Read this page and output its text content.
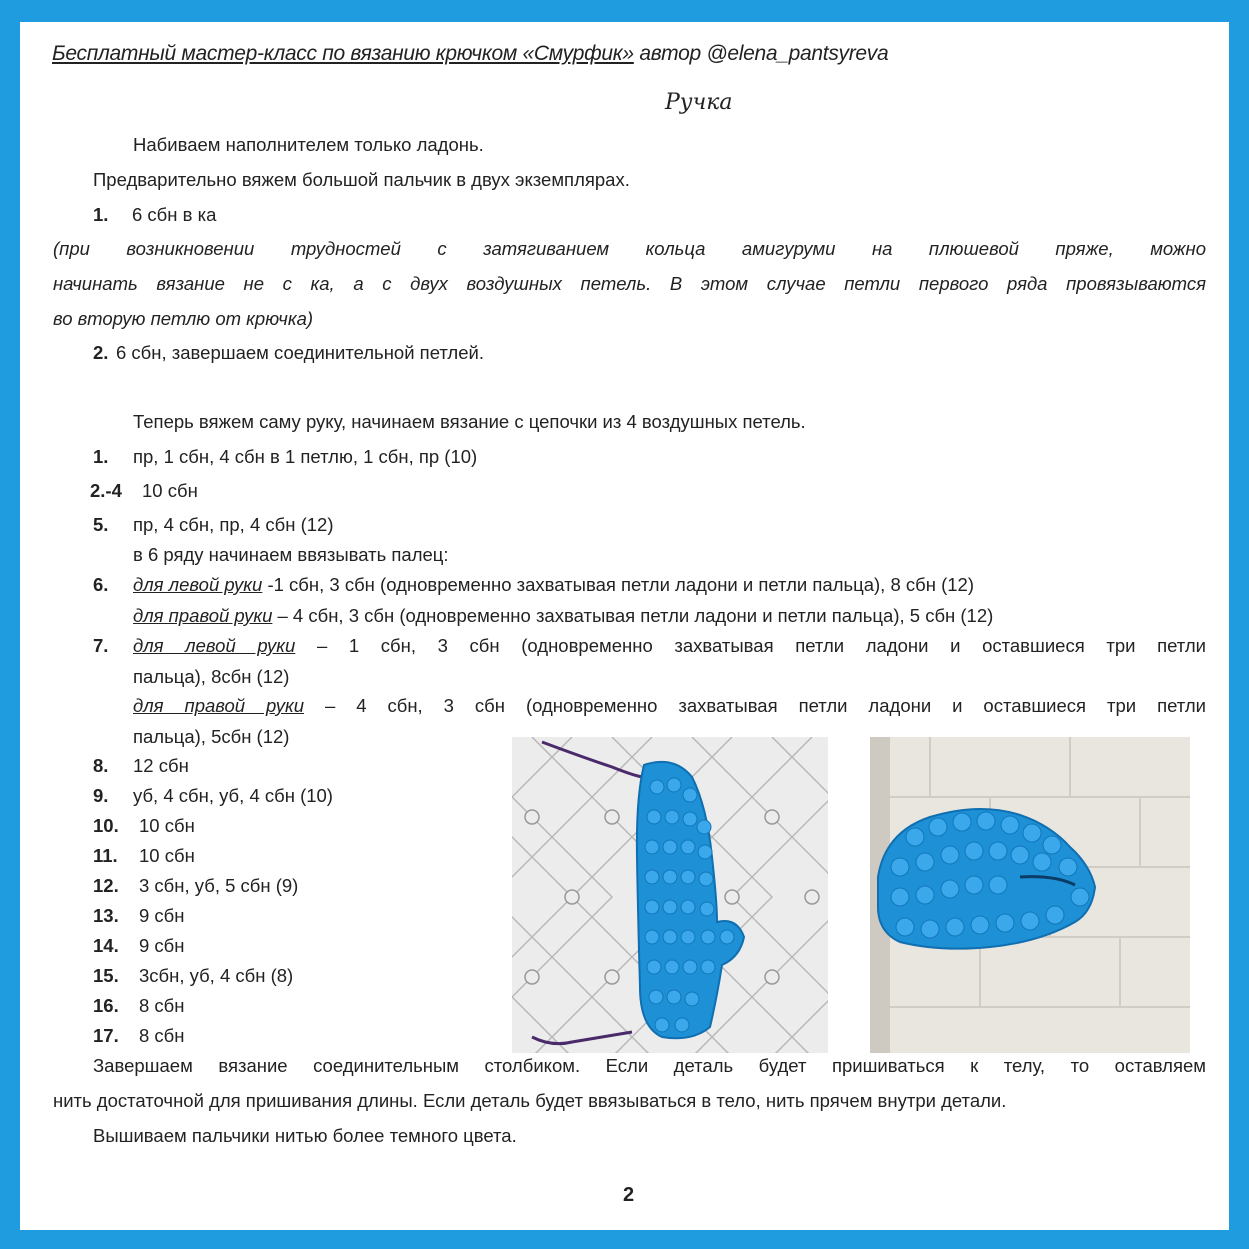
Бесплатный мастер-класс по вязанию крючком «Смурфик» автор @elena_pantsyreva
Ручка
Набиваем наполнителем только ладонь.
Предварительно вяжем большой пальчик в двух экземплярах.
1. 6 сбн в ка
(при возникновении трудностей с затягиванием кольца амигуруми на плюшевой пряже, можно
начинать вязание не с ка, а с двух воздушных петель. В этом случае петли первого ряда провязываются
во вторую петлю от крючка)
2. 6 сбн, завершаем соединительной петлей.
Теперь вяжем саму руку, начинаем вязание с цепочки из 4 воздушных петель.
1. пр, 1 сбн, 4 сбн в 1 петлю, 1 сбн, пр (10)
2.-4 10 сбн
5. пр, 4 сбн, пр, 4 сбн (12)
в 6 ряду начинаем ввязывать палец:
6. для левой руки -1 сбн, 3 сбн (одновременно захватывая петли ладони и петли пальца), 8 сбн (12)
для правой руки – 4 сбн, 3 сбн (одновременно захватывая петли ладони и петли пальца), 5 сбн (12)
7. для левой руки – 1 сбн, 3 сбн (одновременно захватывая петли ладони и оставшиеся три петли
пальца), 8сбн (12)
для правой руки – 4 сбн, 3 сбн (одновременно захватывая петли ладони и оставшиеся три петли
пальца), 5сбн (12)
8. 12 сбн
9. уб, 4 сбн, уб, 4 сбн (10)
10. 10 сбн
11. 10 сбн
12. 3 сбн, уб, 5 сбн (9)
13. 9 сбн
14. 9 сбн
15. 3сбн, уб, 4 сбн (8)
16. 8 сбн
17. 8 сбн
Завершаем вязание соединительным столбиком. Если деталь будет пришиваться к телу, то оставляем
нить достаточной для пришивания длины. Если деталь будет ввязываться в тело, нить прячем внутри детали.
Вышиваем пальчики нитью более темного цвета.
2
